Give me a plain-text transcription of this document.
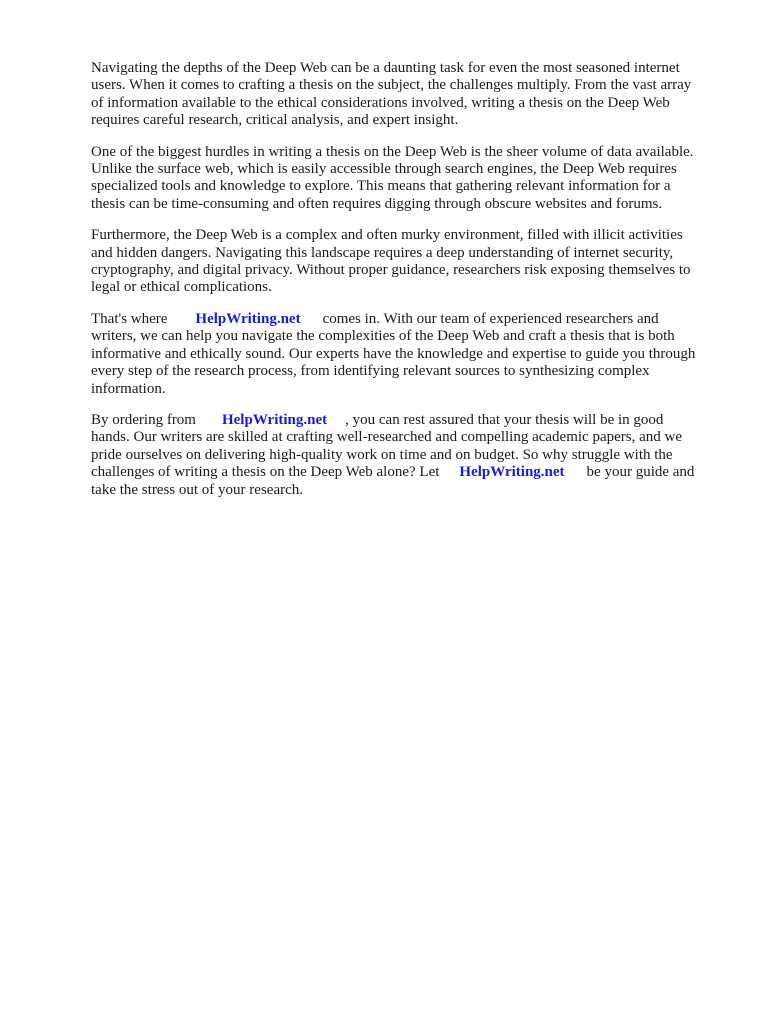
Navigating the depths of the Deep Web can be a daunting task for even the most seasoned internet
users. When it comes to crafting a thesis on the subject, the challenges multiply. From the vast array
of information available to the ethical considerations involved, writing a thesis on the Deep Web
requires careful research, critical analysis, and expert insight.

One of the biggest hurdles in writing a thesis on the Deep Web is the sheer volume of data available.
Unlike the surface web, which is easily accessible through search engines, the Deep Web requires
specialized tools and knowledge to explore. This means that gathering relevant information for a
thesis can be time-consuming and often requires digging through obscure websites and forums.

Furthermore, the Deep Web is a complex and often murky environment, filled with illicit activities
and hidden dangers. Navigating this landscape requires a deep understanding of internet security,
cryptography, and digital privacy. Without proper guidance, researchers risk exposing themselves to
legal or ethical complications.

That's where HelpWriting.net comes in. With our team of experienced researchers and
writers, we can help you navigate the complexities of the Deep Web and craft a thesis that is both
informative and ethically sound. Our experts have the knowledge and expertise to guide you through
every step of the research process, from identifying relevant sources to synthesizing complex
information.

By ordering from HelpWriting.net , you can rest assured that your thesis will be in good
hands. Our writers are skilled at crafting well-researched and compelling academic papers, and we
pride ourselves on delivering high-quality work on time and on budget. So why struggle with the
challenges of writing a thesis on the Deep Web alone? Let HelpWriting.net be your guide and
take the stress out of your research.
